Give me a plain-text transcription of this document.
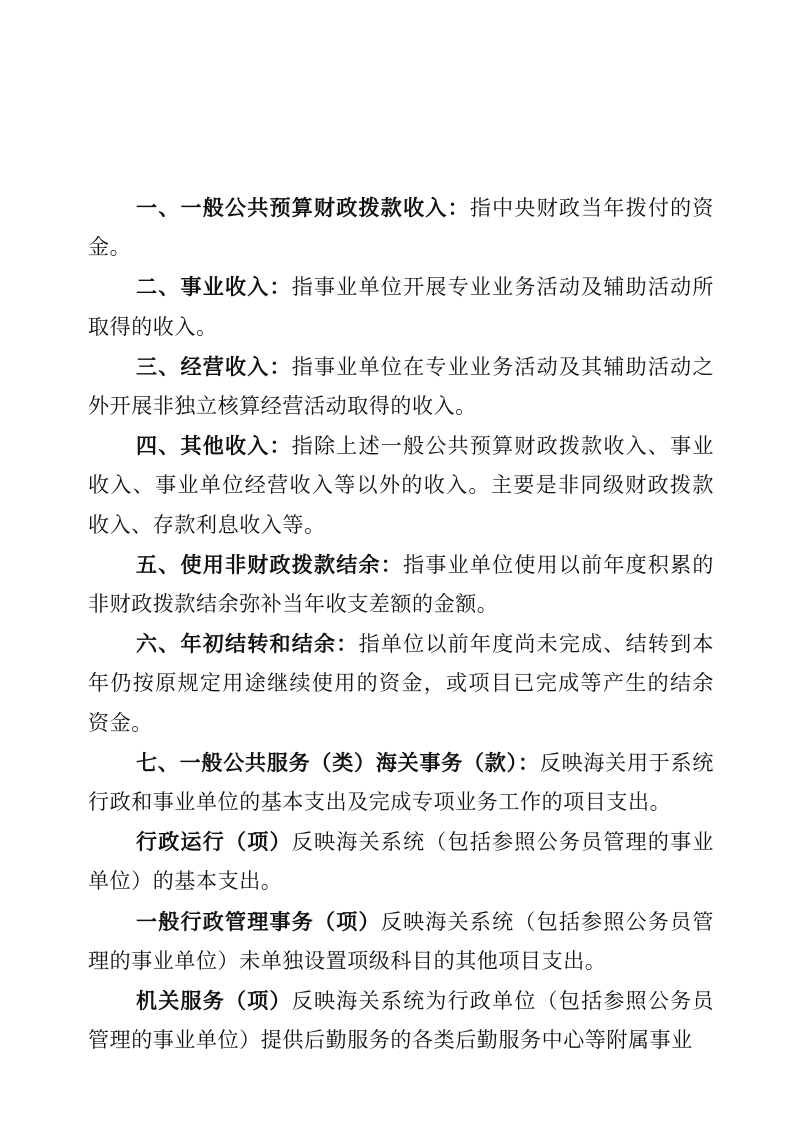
一、一般公共预算财政拨款收入：指中央财政当年拨付的资金。

二、事业收入：指事业单位开展专业业务活动及辅助活动所取得的收入。

三、经营收入：指事业单位在专业业务活动及其辅助活动之外开展非独立核算经营活动取得的收入。

四、其他收入：指除上述一般公共预算财政拨款收入、事业收入、事业单位经营收入等以外的收入。主要是非同级财政拨款收入、存款利息收入等。

五、使用非财政拨款结余：指事业单位使用以前年度积累的非财政拨款结余弥补当年收支差额的金额。

六、年初结转和结余：指单位以前年度尚未完成、结转到本年仍按原规定用途继续使用的资金，或项目已完成等产生的结余资金。

七、一般公共服务（类）海关事务（款）：反映海关用于系统行政和事业单位的基本支出及完成专项业务工作的项目支出。

行政运行（项）反映海关系统（包括参照公务员管理的事业单位）的基本支出。

一般行政管理事务（项）反映海关系统（包括参照公务员管理的事业单位）未单独设置项级科目的其他项目支出。

机关服务（项）反映海关系统为行政单位（包括参照公务员管理的事业单位）提供后勤服务的各类后勤服务中心等附属事业
